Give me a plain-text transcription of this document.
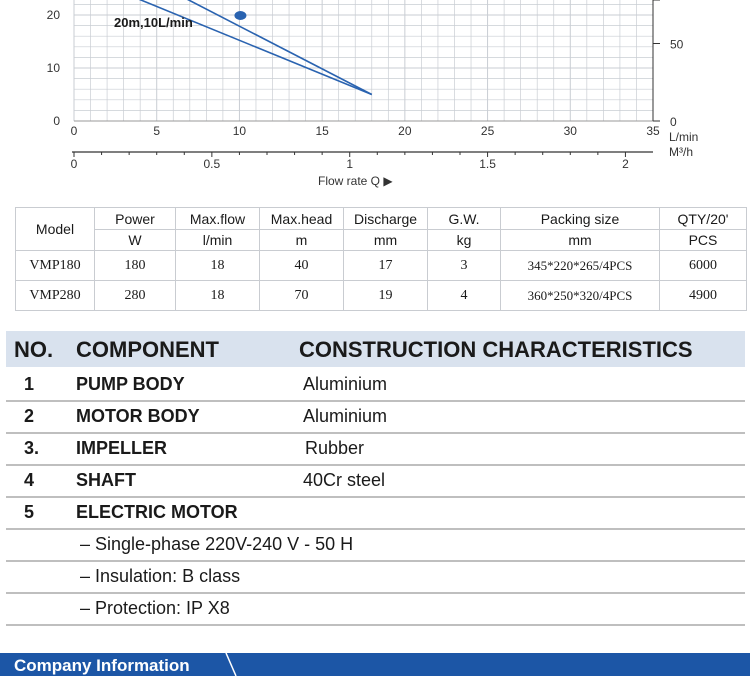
20m,10L/min
0
10
20
0	5	10	15	20	25	30	35
0
50
L/min
M³/h
0	0.5	1	1.5	2
Flow rate Q ▶
Model	Power	Max.flow	Max.head	Discharge	G.W.	Packing size	QTY/20'
	W	l/min	m	mm	kg	mm	PCS
VMP180	180	18	40	17	3	345*220*265/4PCS	6000
VMP280	280	18	70	19	4	360*250*320/4PCS	4900
NO. COMPONENT	CONSTRUCTION CHARACTERISTICS
1 PUMP BODY	Aluminium
2 MOTOR BODY	Aluminium
3. IMPELLER	Rubber
4 SHAFT	40Cr steel
5 ELECTRIC MOTOR
– Single-phase 220V-240 V - 50 H
– Insulation: B class
– Protection: IP X8
Company Information
